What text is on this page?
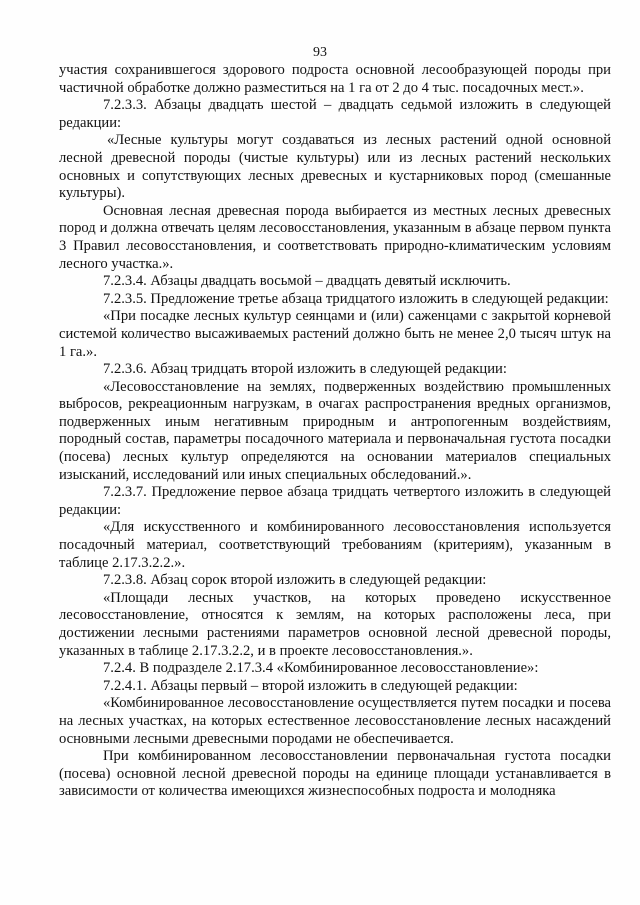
93

участия сохранившегося здорового подроста основной лесообразующей породы при частичной обработке должно разместиться на 1 га от 2 до 4 тыс. посадочных мест.».

7.2.3.3. Абзацы двадцать шестой – двадцать седьмой изложить в следующей редакции:

«Лесные культуры могут создаваться из лесных растений одной основной лесной древесной породы (чистые культуры) или из лесных растений нескольких основных и сопутствующих лесных древесных и кустарниковых пород (смешанные культуры).

Основная лесная древесная порода выбирается из местных лесных древесных пород и должна отвечать целям лесовосстановления, указанным в абзаце первом пункта 3 Правил лесовосстановления, и соответствовать природно-климатическим условиям лесного участка.».

7.2.3.4. Абзацы двадцать восьмой – двадцать девятый исключить.

7.2.3.5. Предложение третье абзаца тридцатого изложить в следующей редакции:

«При посадке лесных культур сеянцами и (или) саженцами с закрытой корневой системой количество высаживаемых растений должно быть не менее 2,0 тысяч штук на 1 га.».

7.2.3.6. Абзац тридцать второй изложить в следующей редакции:

«Лесовосстановление на землях, подверженных воздействию промышленных выбросов, рекреационным нагрузкам, в очагах распространения вредных организмов, подверженных иным негативным природным и антропогенным воздействиям, породный состав, параметры посадочного материала и первоначальная густота посадки (посева) лесных культур определяются на основании материалов специальных изысканий, исследований или иных специальных обследований.».

7.2.3.7. Предложение первое абзаца тридцать четвертого изложить в следующей редакции:

«Для искусственного и комбинированного лесовосстановления используется посадочный материал, соответствующий требованиям (критериям), указанным в таблице 2.17.3.2.2.».

7.2.3.8. Абзац сорок второй изложить в следующей редакции:

«Площади лесных участков, на которых проведено искусственное лесовосстановление, относятся к землям, на которых расположены леса, при достижении лесными растениями параметров основной лесной древесной породы, указанных в таблице 2.17.3.2.2, и в проекте лесовосстановления.».

7.2.4. В подразделе 2.17.3.4 «Комбинированное лесовосстановление»:

7.2.4.1. Абзацы первый – второй изложить в следующей редакции:

«Комбинированное лесовосстановление осуществляется путем посадки и посева на лесных участках, на которых естественное лесовосстановление лесных насаждений основными лесными древесными породами не обеспечивается.

При комбинированном лесовосстановлении первоначальная густота посадки (посева) основной лесной древесной породы на единице площади устанавливается в зависимости от количества имеющихся жизнеспособных подроста и молодняка
